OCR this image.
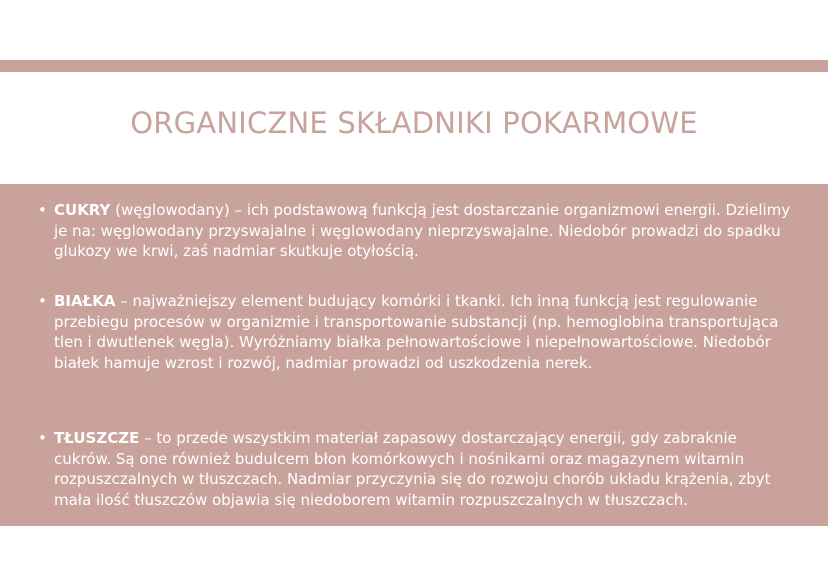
ORGANICZNE SKŁADNIKI POKARMOWE
• CUKRY (węglowodany) – ich podstawową funkcją jest dostarczanie organizmowi energii. Dzielimy je na: węglowodany przyswajalne i węglowodany nieprzyswajalne. Niedobór prowadzi do spadku glukozy we krwi, zaś nadmiar skutkuje otyłością.
• BIAŁKA – najważniejszy element budujący komórki i tkanki. Ich inną funkcją jest regulowanie przebiegu procesów w organizmie i transportowanie substancji (np. hemoglobina transportująca tlen i dwutlenek węgla). Wyróżniamy białka pełnowartościowe i niepełnowartościowe. Niedobór białek hamuje wzrost i rozwój, nadmiar prowadzi od uszkodzenia nerek.
• TŁUSZCZE – to przede wszystkim materiał zapasowy dostarczający energii, gdy zabraknie cukrów. Są one również budulcem błon komórkowych i nośnikami oraz magazynem witamin rozpuszczalnych w tłuszczach. Nadmiar przyczynia się do rozwoju chorób układu krążenia, zbyt mała ilość tłuszczów objawia się niedoborem witamin rozpuszczalnych w tłuszczach.
